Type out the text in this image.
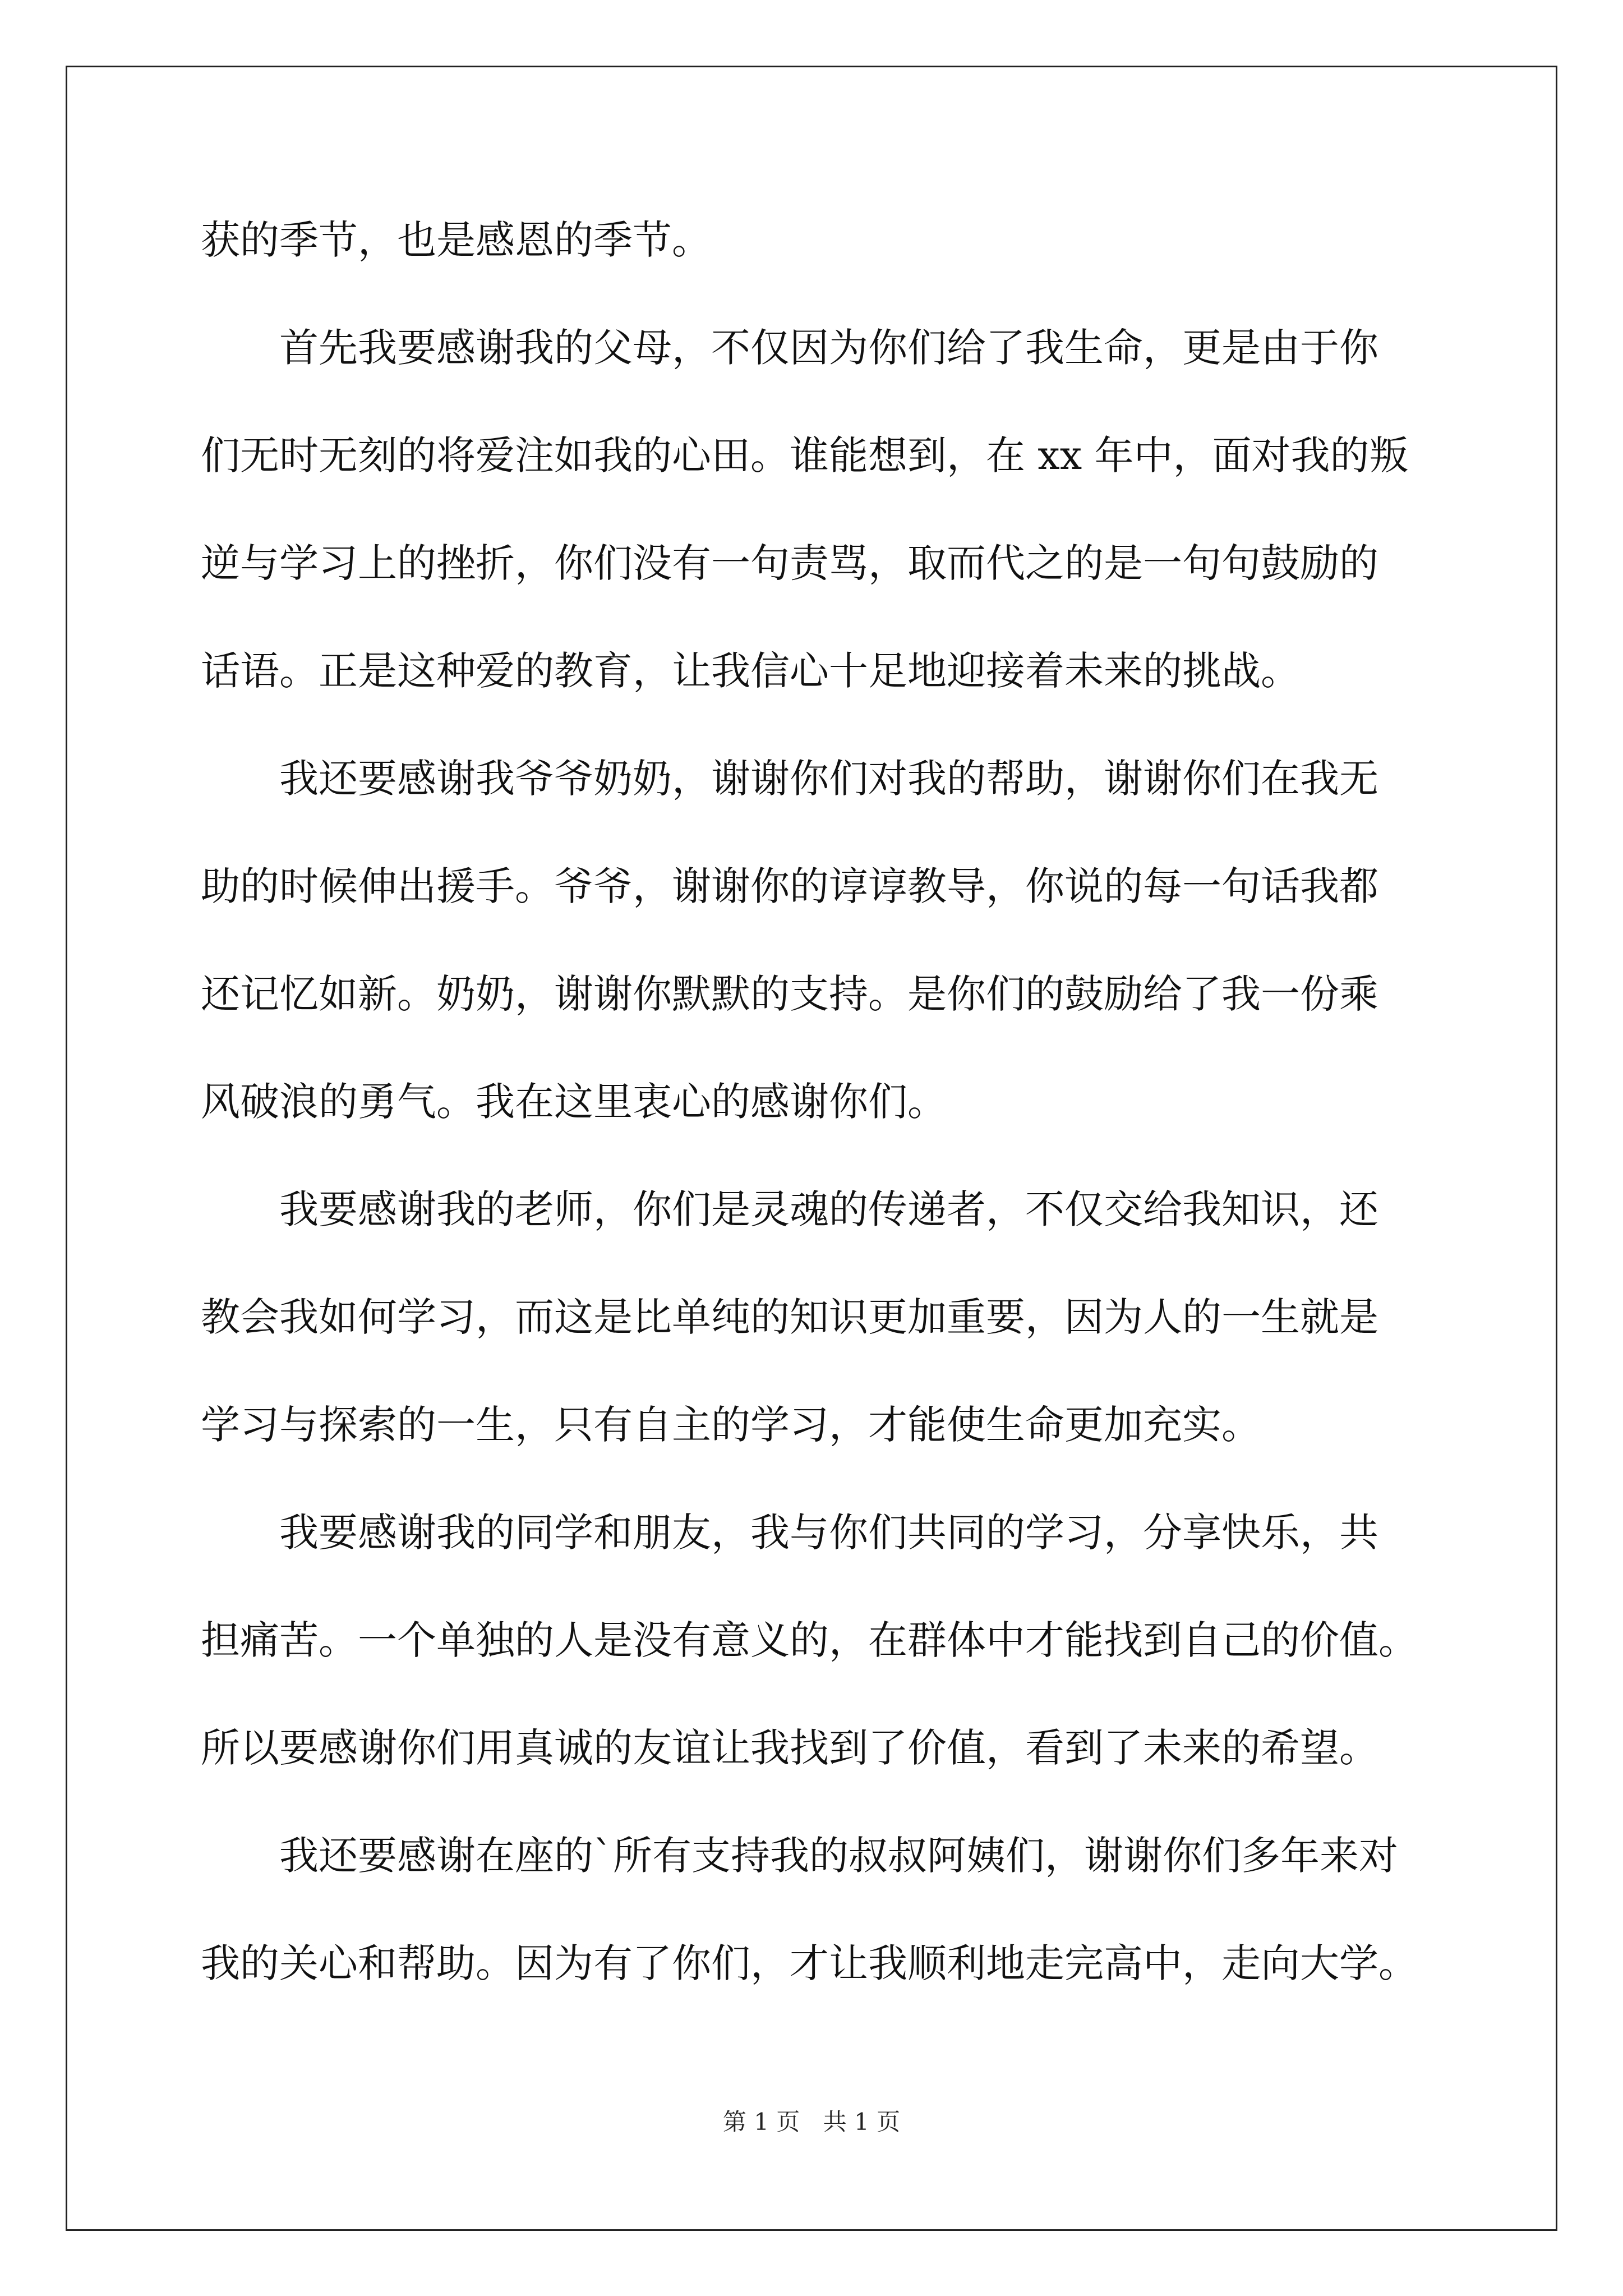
获的季节，也是感恩的季节。
　　首先我要感谢我的父母，不仅因为你们给了我生命，更是由于你
们无时无刻的将爱注如我的心田。谁能想到，在 xx 年中，面对我的叛
逆与学习上的挫折，你们没有一句责骂，取而代之的是一句句鼓励的
话语。正是这种爱的教育，让我信心十足地迎接着未来的挑战。
　　我还要感谢我爷爷奶奶，谢谢你们对我的帮助，谢谢你们在我无
助的时候伸出援手。爷爷，谢谢你的谆谆教导，你说的每一句话我都
还记忆如新。奶奶，谢谢你默默的支持。是你们的鼓励给了我一份乘
风破浪的勇气。我在这里衷心的感谢你们。
　　我要感谢我的老师，你们是灵魂的传递者，不仅交给我知识，还
教会我如何学习，而这是比单纯的知识更加重要，因为人的一生就是
学习与探索的一生，只有自主的学习，才能使生命更加充实。
　　我要感谢我的同学和朋友，我与你们共同的学习，分享快乐，共
担痛苦。一个单独的人是没有意义的，在群体中才能找到自己的价值。
所以要感谢你们用真诚的友谊让我找到了价值，看到了未来的希望。
　　我还要感谢在座的`所有支持我的叔叔阿姨们，谢谢你们多年来对
我的关心和帮助。因为有了你们，才让我顺利地走完高中，走向大学。
第 1 页 共 1 页
